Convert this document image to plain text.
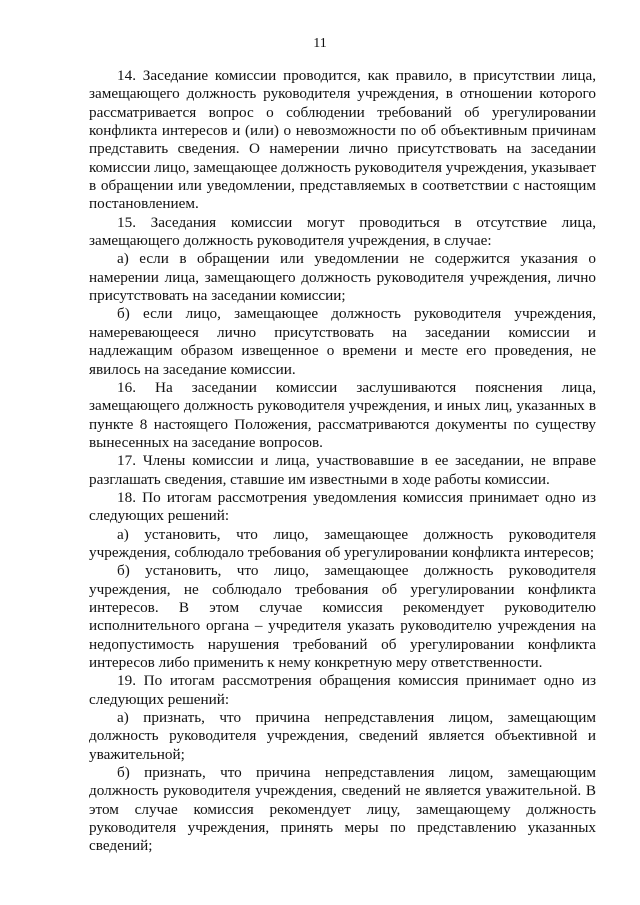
11

14. Заседание комиссии проводится, как правило, в присутствии лица, замещающего должность руководителя учреждения, в отношении которого рассматривается вопрос о соблюдении требований об урегулировании конфликта интересов и (или) о невозможности по об объективным причинам представить сведения. О намерении лично присутствовать на заседании комиссии лицо, замещающее должность руководителя учреждения, указывает в обращении или уведомлении, представляемых в соответствии с настоящим постановлением.

15. Заседания комиссии могут проводиться в отсутствие лица, замещающего должность руководителя учреждения, в случае:

а) если в обращении или уведомлении не содержится указания о намерении лица, замещающего должность руководителя учреждения, лично присутствовать на заседании комиссии;

б) если лицо, замещающее должность руководителя учреждения, намеревающееся лично присутствовать на заседании комиссии и надлежащим образом извещенное о времени и месте его проведения, не явилось на заседание комиссии.

16. На заседании комиссии заслушиваются пояснения лица, замещающего должность руководителя учреждения, и иных лиц, указанных в пункте 8 настоящего Положения, рассматриваются документы по существу вынесенных на заседание вопросов.

17. Члены комиссии и лица, участвовавшие в ее заседании, не вправе разглашать сведения, ставшие им известными в ходе работы комиссии.

18. По итогам рассмотрения уведомления комиссия принимает одно из следующих решений:

а) установить, что лицо, замещающее должность руководителя учреждения, соблюдало требования об урегулировании конфликта интересов;

б) установить, что лицо, замещающее должность руководителя учреждения, не соблюдало требования об урегулировании конфликта интересов. В этом случае комиссия рекомендует руководителю исполнительного органа – учредителя указать руководителю учреждения на недопустимость нарушения требований об урегулировании конфликта интересов либо применить к нему конкретную меру ответственности.

19. По итогам рассмотрения обращения комиссия принимает одно из следующих решений:

а) признать, что причина непредставления лицом, замещающим должность руководителя учреждения, сведений является объективной и уважительной;

б) признать, что причина непредставления лицом, замещающим должность руководителя учреждения, сведений не является уважительной. В этом случае комиссия рекомендует лицу, замещающему должность руководителя учреждения, принять меры по представлению указанных сведений;
